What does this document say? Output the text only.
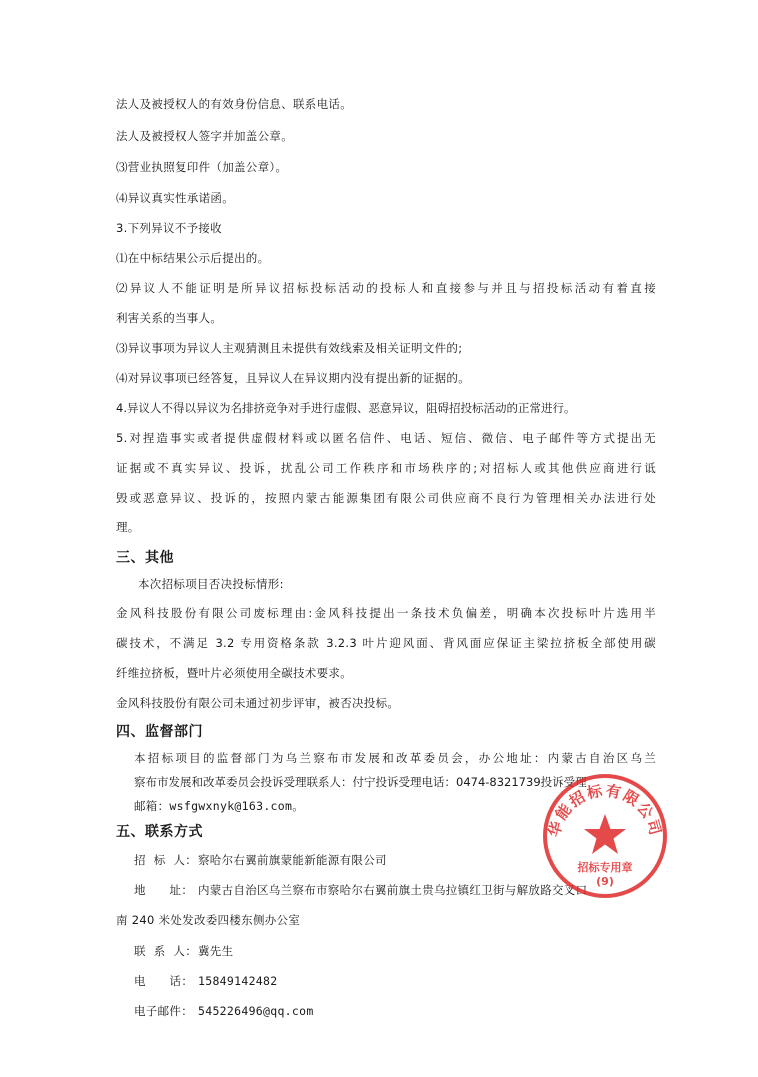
法人及被授权人的有效身份信息、联系电话。
法人及被授权人签字并加盖公章。
⑶营业执照复印件（加盖公章）。
⑷异议真实性承诺函。
3.下列异议不予接收
⑴在中标结果公示后提出的。
⑵异议人不能证明是所异议招标投标活动的投标人和直接参与并且与招投标活动有着直接
利害关系的当事人。
⑶异议事项为异议人主观猜测且未提供有效线索及相关证明文件的;
⑷对异议事项已经答复，且异议人在异议期内没有提出新的证据的。
4.异议人不得以异议为名排挤竞争对手进行虚假、恶意异议，阻碍招投标活动的正常进行。
5.对捏造事实或者提供虚假材料或以匿名信件、电话、短信、微信、电子邮件等方式提出无
证据或不真实异议、投诉，扰乱公司工作秩序和市场秩序的;对招标人或其他供应商进行诋
毁或恶意异议、投诉的，按照内蒙古能源集团有限公司供应商不良行为管理相关办法进行处
理。
三、其他
本次招标项目否决投标情形:
金风科技股份有限公司废标理由:金风科技提出一条技术负偏差，明确本次投标叶片选用半
碳技术，不满足 3.2 专用资格条款 3.2.3 叶片迎风面、背风面应保证主梁拉挤板全部使用碳
纤维拉挤板，暨叶片必须使用全碳技术要求。
金风科技股份有限公司未通过初步评审，被否决投标。
四、监督部门
本招标项目的监督部门为乌兰察布市发展和改革委员会，办公地址：内蒙古自治区乌兰
察布市发展和改革委员会投诉受理联系人：付宁投诉受理电话：0474-8321739投诉受理
邮箱：wsfgwxnyk@163.com。
五、联系方式
招  标  人：察哈尔右翼前旗蒙能新能源有限公司
地      址： 内蒙古自治区乌兰察布市察哈尔右翼前旗土贵乌拉镇红卫街与解放路交叉口
南 240 米处发改委四楼东侧办公室
联  系  人：冀先生
电      话： 15849142482
电子邮件： 545226496@qq.com
华能招标有限公司
招标专用章
(9)
